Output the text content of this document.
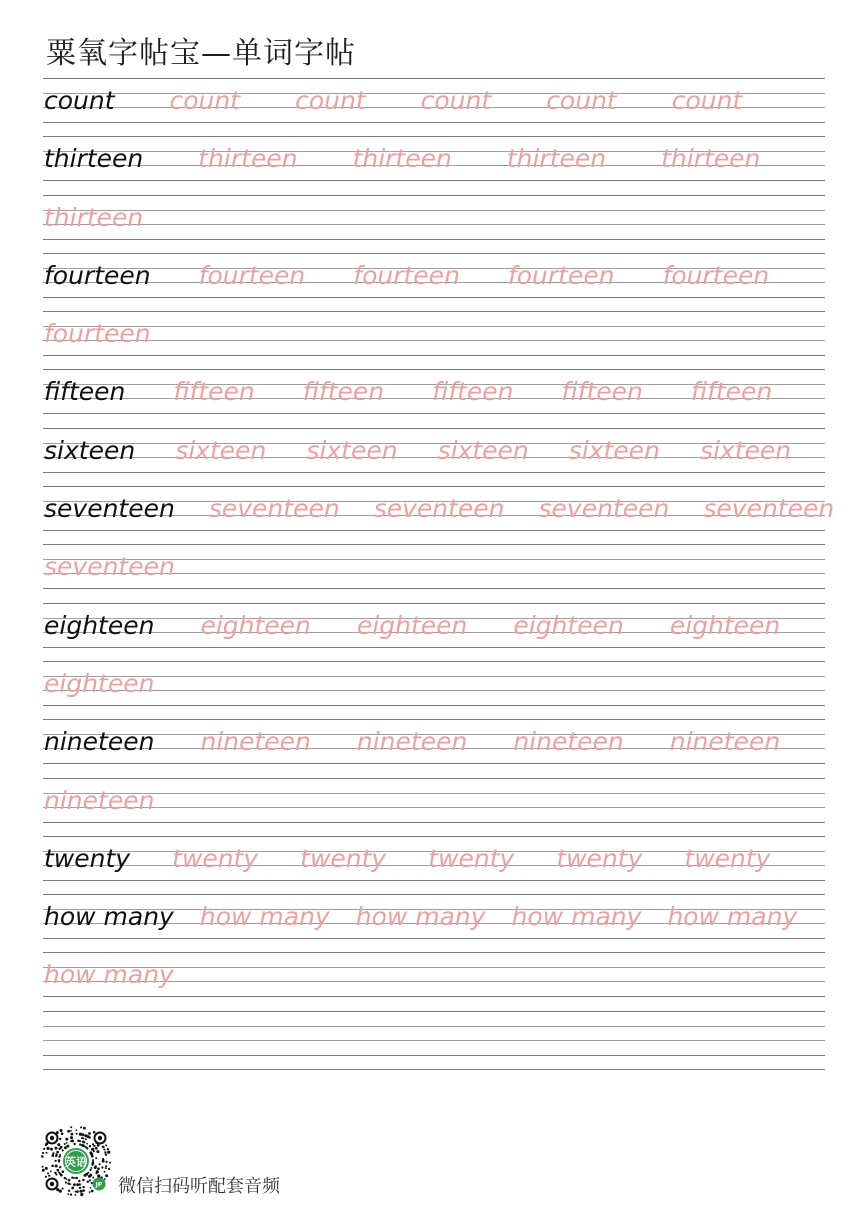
粟氧字帖宝—单词字帖
count count count count count count
thirteen thirteen thirteen thirteen thirteen
thirteen
fourteen fourteen fourteen fourteen fourteen
fourteen
fifteen fifteen fifteen fifteen fifteen fifteen
sixteen sixteen sixteen sixteen sixteen sixteen
seventeen seventeen seventeen seventeen seventeen
seventeen
eighteen eighteen eighteen eighteen eighteen
eighteen
nineteen nineteen nineteen nineteen nineteen
nineteen
twenty twenty twenty twenty twenty twenty
how many how many how many how many how many
how many
英语
JP 微信扫码听配套音频
